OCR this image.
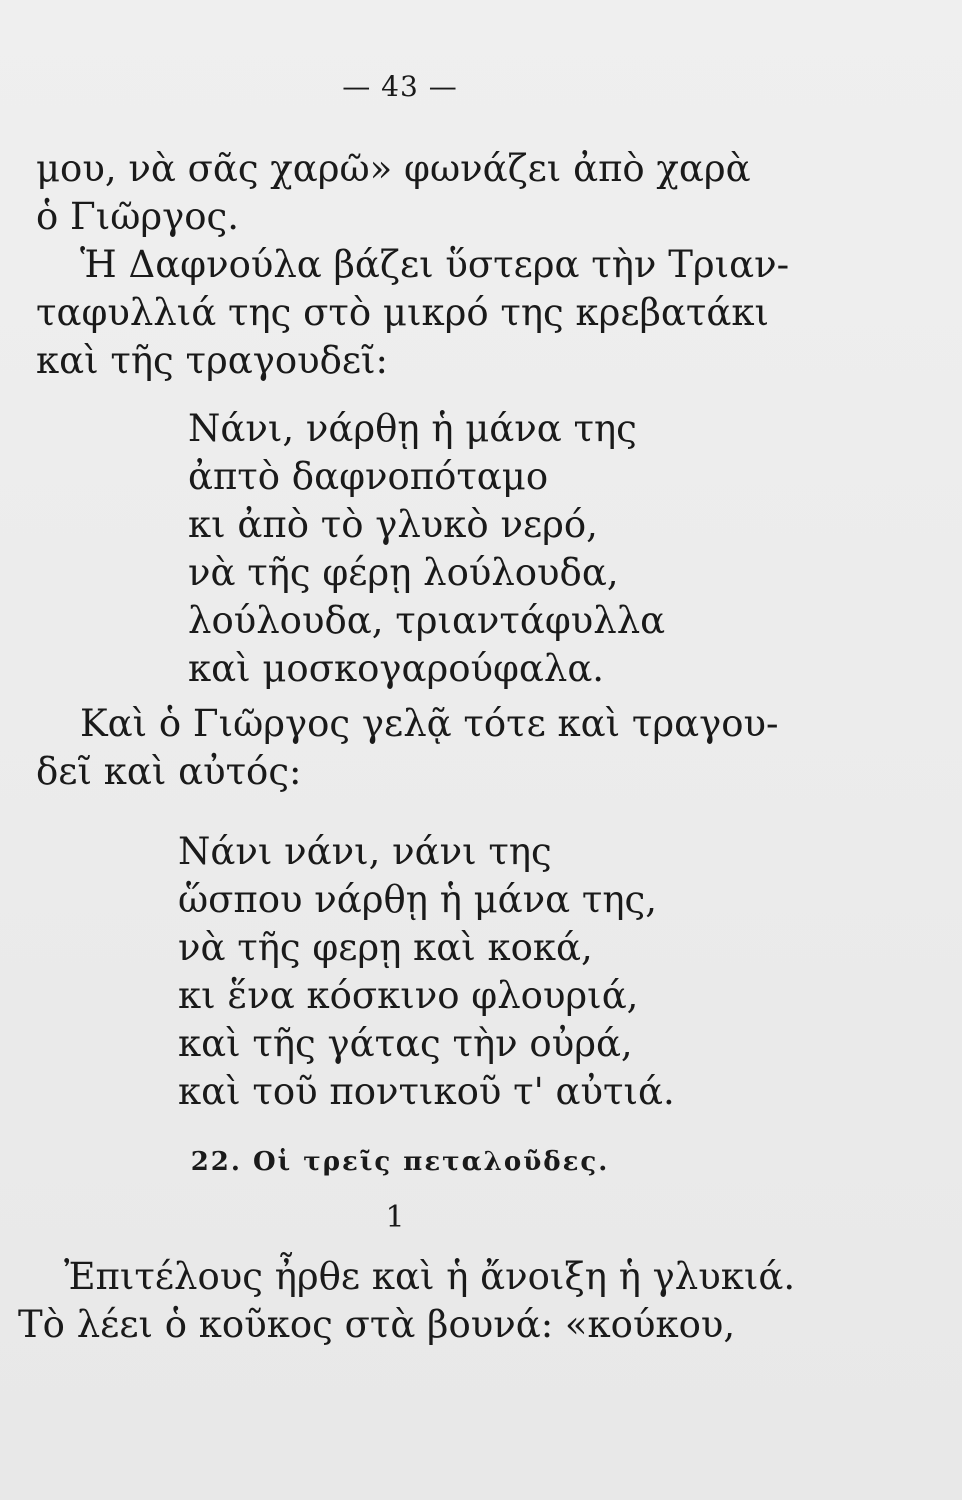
— 43 —
μου, νὰ σᾶς χαρῶ» φωνάζει ἀπὸ χαρὰ
ὁ Γιῶργος.
Ἡ Δαφνούλα βάζει ὕστερα τὴν Τριαν-
ταφυλλιά της στὸ μικρό της κρεβατάκι
καὶ τῆς τραγουδεῖ:
Νάνι, νάρθῃ ἡ μάνα της
ἀπτὸ δαφνοπόταμο
κι ἀπὸ τὸ γλυκὸ νερό,
νὰ τῆς φέρῃ λούλουδα,
λούλουδα, τριαντάφυλλα
καὶ μοσκογαρούφαλα.
Καὶ ὁ Γιῶργος γελᾷ τότε καὶ τραγου-
δεῖ καὶ αὐτός:
Νάνι νάνι, νάνι της
ὥσπου νάρθῃ ἡ μάνα της,
νὰ τῆς φερῃ καὶ κοκά,
κι ἕνα κόσκινο φλουριά,
καὶ τῆς γάτας τὴν οὐρά,
καὶ τοῦ ποντικοῦ τ' αὐτιά.
22. Οἱ τρεῖς πεταλοῦδες.
1
Ἐπιτέλους ἦρθε καὶ ἡ ἄνοιξη ἡ γλυκιά.
Τὸ λέει ὁ κοῦκος στὰ βουνά: «κούκου,
